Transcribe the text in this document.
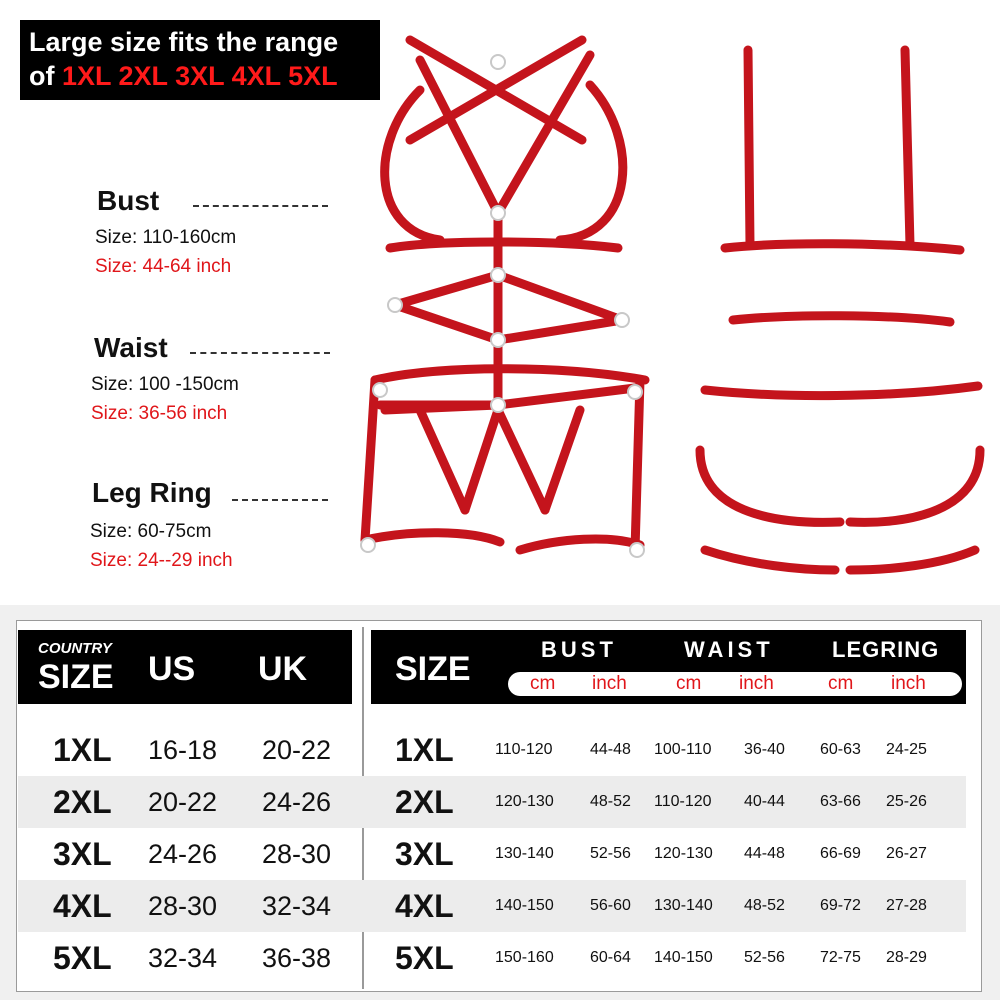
Large size fits the range
of 1XL 2XL 3XL 4XL 5XL
Bust
Size: 110-160cm
Size: 44-64 inch
Waist
Size: 100 -150cm
Size: 36-56 inch
Leg Ring
Size: 60-75cm
Size: 24--29 inch
COUNTRY
SIZE US UK	SIZE
BUST	WAIST	LEGRING
cm inch	cm inch	cm inch
1XL 16-18 20-22 1XL	110-120 44-48 100-110 36-40 60-63 24-25
2XL 20-22 24-26 2XL	120-130 48-52 110-120 40-44 63-66 25-26
3XL 24-26 28-30 3XL	130-140 52-56 120-130 44-48 66-69 26-27
4XL 28-30 32-34 4XL	140-150 56-60 130-140 48-52 69-72 27-28
5XL 32-34 36-38 5XL	150-160 60-64 140-150 52-56 72-75 28-29
